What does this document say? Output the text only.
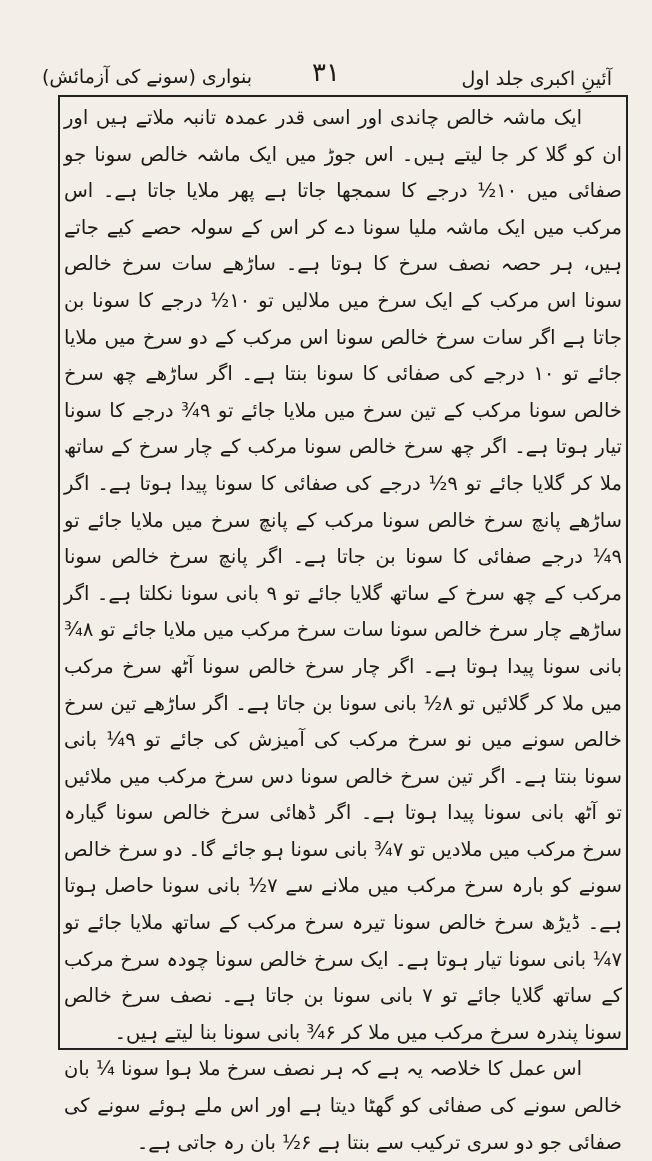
آئینِ اکبری جلد اول
۳۱
بنواری (سونے کی آزمائش)

ایک ماشہ خالص چاندی اور اسی قدر عمدہ تانبہ ملاتے ہیں اور ان کو گلا کر جا لیتے ہیں۔ اس جوڑ میں ایک ماشہ خالص سونا جو صفائی میں ۱۰½ درجے کا سمجھا جاتا ہے پھر ملایا جاتا ہے۔ اس مرکب میں ایک ماشہ ملیا سونا دے کر اس کے سولہ حصے کیے جاتے ہیں، ہر حصہ نصف سرخ کا ہوتا ہے۔ ساڑھے سات سرخ خالص سونا اس مرکب کے ایک سرخ میں ملالیں تو ۱۰½ درجے کا سونا بن جاتا ہے اگر سات سرخ خالص سونا اس مرکب کے دو سرخ میں ملایا جائے تو ۱۰ درجے کی صفائی کا سونا بنتا ہے۔ اگر ساڑھے چھ سرخ خالص سونا مرکب کے تین سرخ میں ملایا جائے تو ۹¾ درجے کا سونا تیار ہوتا ہے۔ اگر چھ سرخ خالص سونا مرکب کے چار سرخ کے ساتھ ملا کر گلایا جائے تو ۹½ درجے کی صفائی کا سونا پیدا ہوتا ہے۔ اگر ساڑھے پانچ سرخ خالص سونا مرکب کے پانچ سرخ میں ملایا جائے تو ۹¼ درجے صفائی کا سونا بن جاتا ہے۔ اگر پانچ سرخ خالص سونا مرکب کے چھ سرخ کے ساتھ گلایا جائے تو ۹ بانی سونا نکلتا ہے۔ اگر ساڑھے چار سرخ خالص سونا سات سرخ مرکب میں ملایا جائے تو ۸¾ بانی سونا پیدا ہوتا ہے۔ اگر چار سرخ خالص سونا آٹھ سرخ مرکب میں ملا کر گلائیں تو ۸½ بانی سونا بن جاتا ہے۔ اگر ساڑھے تین سرخ خالص سونے میں نو سرخ مرکب کی آمیزش کی جائے تو ۹¼ بانی سونا بنتا ہے۔ اگر تین سرخ خالص سونا دس سرخ مرکب میں ملائیں تو آٹھ بانی سونا پیدا ہوتا ہے۔ اگر ڈھائی سرخ خالص سونا گیارہ سرخ مرکب میں ملادیں تو ۷¾ بانی سونا ہو جائے گا۔ دو سرخ خالص سونے کو بارہ سرخ مرکب میں ملانے سے ۷½ بانی سونا حاصل ہوتا ہے۔ ڈیڑھ سرخ خالص سونا تیرہ سرخ مرکب کے ساتھ ملایا جائے تو ۷¼ بانی سونا تیار ہوتا ہے۔ ایک سرخ خالص سونا چودہ سرخ مرکب کے ساتھ گلایا جائے تو ۷ بانی سونا بن جاتا ہے۔ نصف سرخ خالص سونا پندرہ سرخ مرکب میں ملا کر ۶¾ بانی سونا بنا لیتے ہیں۔

اس عمل کا خلاصہ یہ ہے کہ ہر نصف سرخ ملا ہوا سونا ¼ بان خالص سونے کی صفائی کو گھٹا دیتا ہے اور اس ملے ہوئے سونے کی صفائی جو دو سری ترکیب سے بنتا ہے ۶½ بان رہ جاتی ہے۔
